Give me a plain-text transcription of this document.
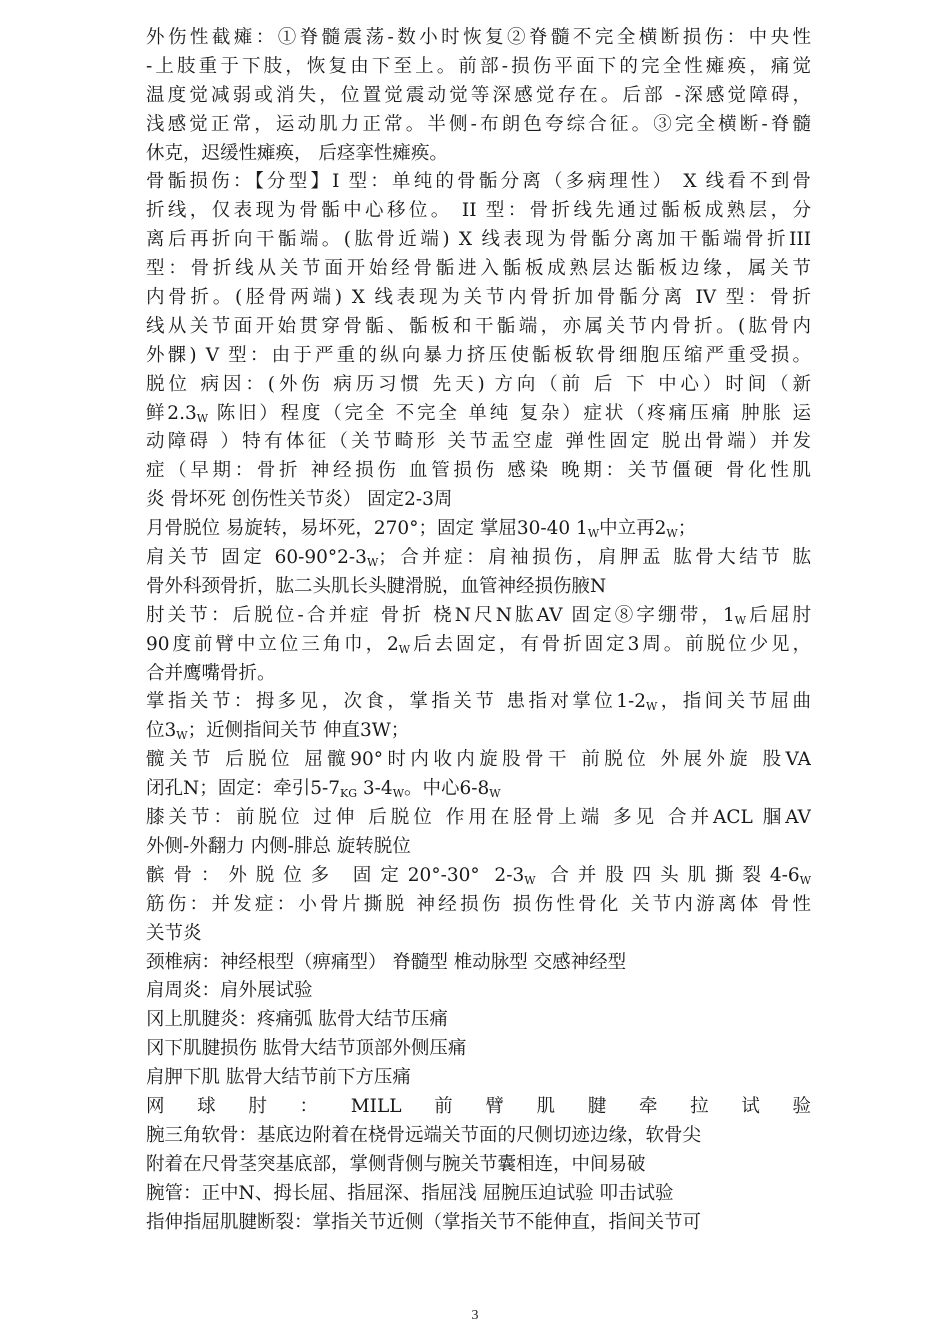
外伤性截瘫：①脊髓震荡-数小时恢复②脊髓不完全横断损伤：中央性
-上肢重于下肢，恢复由下至上。前部-损伤平面下的完全性瘫痪，痛觉
温度觉减弱或消失，位置觉震动觉等深感觉存在。后部 -深感觉障碍，
浅感觉正常，运动肌力正常。半侧-布朗色夸综合征。③完全横断-脊髓
休克，迟缓性瘫痪， 后痉挛性瘫痪。
骨骺损伤：【分型】I 型：单纯的骨骺分离（多病理性） X 线看不到骨
折线，仅表现为骨骺中心移位。 II 型：骨折线先通过骺板成熟层，分
离后再折向干骺端。(肱骨近端) X 线表现为骨骺分离加干骺端骨折III
型：骨折线从关节面开始经骨骺进入骺板成熟层达骺板边缘，属关节
内骨折。(胫骨两端) X 线表现为关节内骨折加骨骺分离 IV 型：骨折
线从关节面开始贯穿骨骺、骺板和干骺端，亦属关节内骨折。(肱骨内
外髁) V 型：由于严重的纵向暴力挤压使骺板软骨细胞压缩严重受损。
脱位 病因：(外伤 病历习惯 先天) 方向（前 后 下 中心）时间（新
鲜$2.3_W$ 陈旧）程度（完全 不完全 单纯 复杂）症状（疼痛压痛 肿胀 运
动障碍 ）特有体征（关节畸形 关节盂空虚 弹性固定 脱出骨端）并发
症（早期：骨折 神经损伤 血管损伤 感染 晚期：关节僵硬 骨化性肌
炎 骨坏死 创伤性关节炎） 固定2-3周
月骨脱位 易旋转，易坏死，270°；固定 掌屈30-40 $1_W$中立再$2_W$；
肩关节 固定 $60-90^\circ 2-3_W$；合并症：肩袖损伤，肩胛盂 肱骨大结节 肱
骨外科颈骨折，肱二头肌长头腱滑脱，血管神经损伤腋N
肘关节：后脱位-合并症 骨折 桡N尺N肱AV 固定⑧字绷带，$1_W$后屈肘
90度前臂中立位三角巾，$2_W$后去固定，有骨折固定3周。前脱位少见，
合并鹰嘴骨折。
掌指关节：拇多见，次食，掌指关节 患指对掌位$1-2_W$，指间关节屈曲
位$3_W$；近侧指间关节 伸直3W；
髋关节 后脱位 屈髋90°时内收内旋股骨干 前脱位 外展外旋 股VA
闭孔N；固定：牵引$5-7_{KG}$ $3-4_W$。中心$6-8_W$
膝关节：前脱位 过伸 后脱位 作用在胫骨上端 多见 合并ACL 腘AV
外侧-外翻力 内侧-腓总 旋转脱位
髌骨：外脱位多 固定20°-30° $2-3_W$ 合并股四头肌撕裂$4-6_W$
筋伤：并发症：小骨片撕脱 神经损伤 损伤性骨化 关节内游离体 骨性
关节炎
颈椎病：神经根型（痹痛型） 脊髓型 椎动脉型 交感神经型
肩周炎：肩外展试验
冈上肌腱炎：疼痛弧 肱骨大结节压痛
冈下肌腱损伤 肱骨大结节顶部外侧压痛
肩胛下肌 肱骨大结节前下方压痛
网球肘：MILL前臂肌腱牵拉试验
腕三角软骨：基底边附着在桡骨远端关节面的尺侧切迹边缘，软骨尖
附着在尺骨茎突基底部，掌侧背侧与腕关节囊相连，中间易破
腕管：正中N、拇长屈、指屈深、指屈浅 屈腕压迫试验 叩击试验
指伸指屈肌腱断裂：掌指关节近侧（掌指关节不能伸直，指间关节可
3
